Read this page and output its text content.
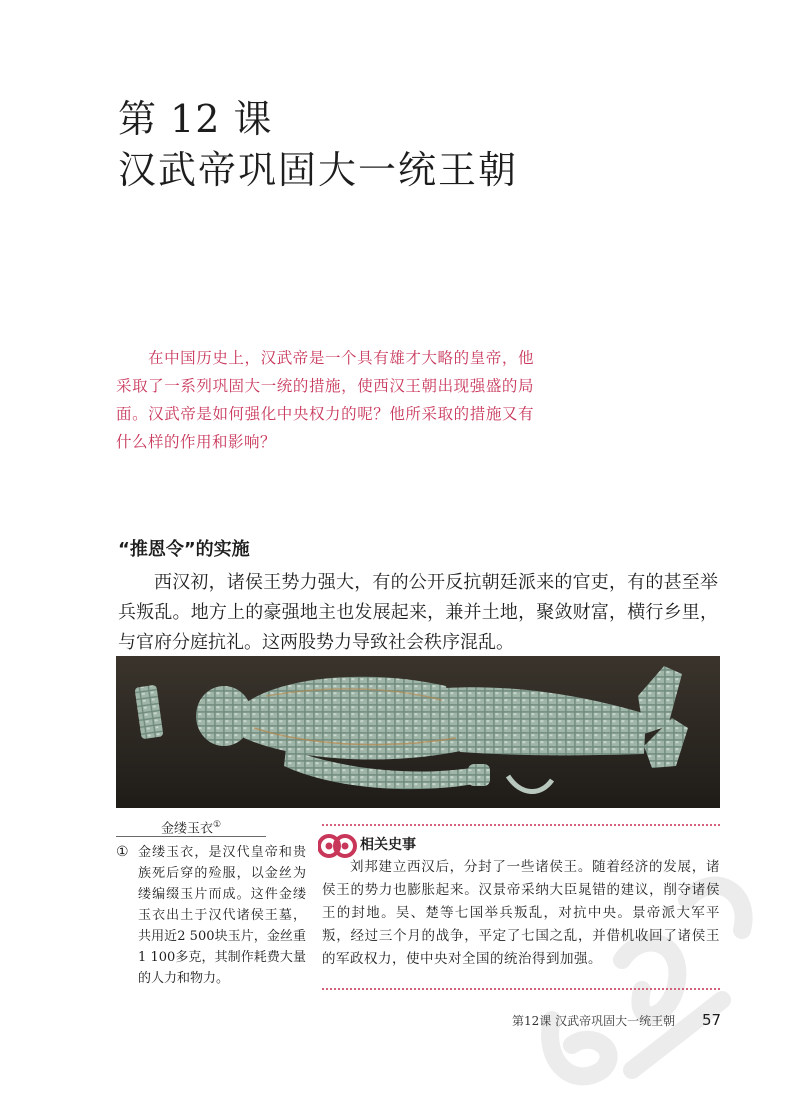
第 12 课
汉武帝巩固大一统王朝

在中国历史上，汉武帝是一个具有雄才大略的皇帝，他采取了一系列巩固大一统的措施，使西汉王朝出现强盛的局面。汉武帝是如何强化中央权力的呢？他所采取的措施又有什么样的作用和影响？

“推恩令”的实施

西汉初，诸侯王势力强大，有的公开反抗朝廷派来的官吏，有的甚至举兵叛乱。地方上的豪强地主也发展起来，兼并土地，聚敛财富，横行乡里，与官府分庭抗礼。这两股势力导致社会秩序混乱。

金缕玉衣①
① 金缕玉衣，是汉代皇帝和贵族死后穿的殓服，以金丝为缕编缀玉片而成。这件金缕玉衣出土于汉代诸侯王墓，共用近2 500块玉片，金丝重1 100多克，其制作耗费大量的人力和物力。
相关史事

刘邦建立西汉后，分封了一些诸侯王。随着经济的发展，诸侯王的势力也膨胀起来。汉景帝采纳大臣晁错的建议，削夺诸侯王的封地。吴、楚等七国举兵叛乱，对抗中央。景帝派大军平叛，经过三个月的战争，平定了七国之乱，并借机收回了诸侯王的军政权力，使中央对全国的统治得到加强。

第12课 汉武帝巩固大一统王朝 57
